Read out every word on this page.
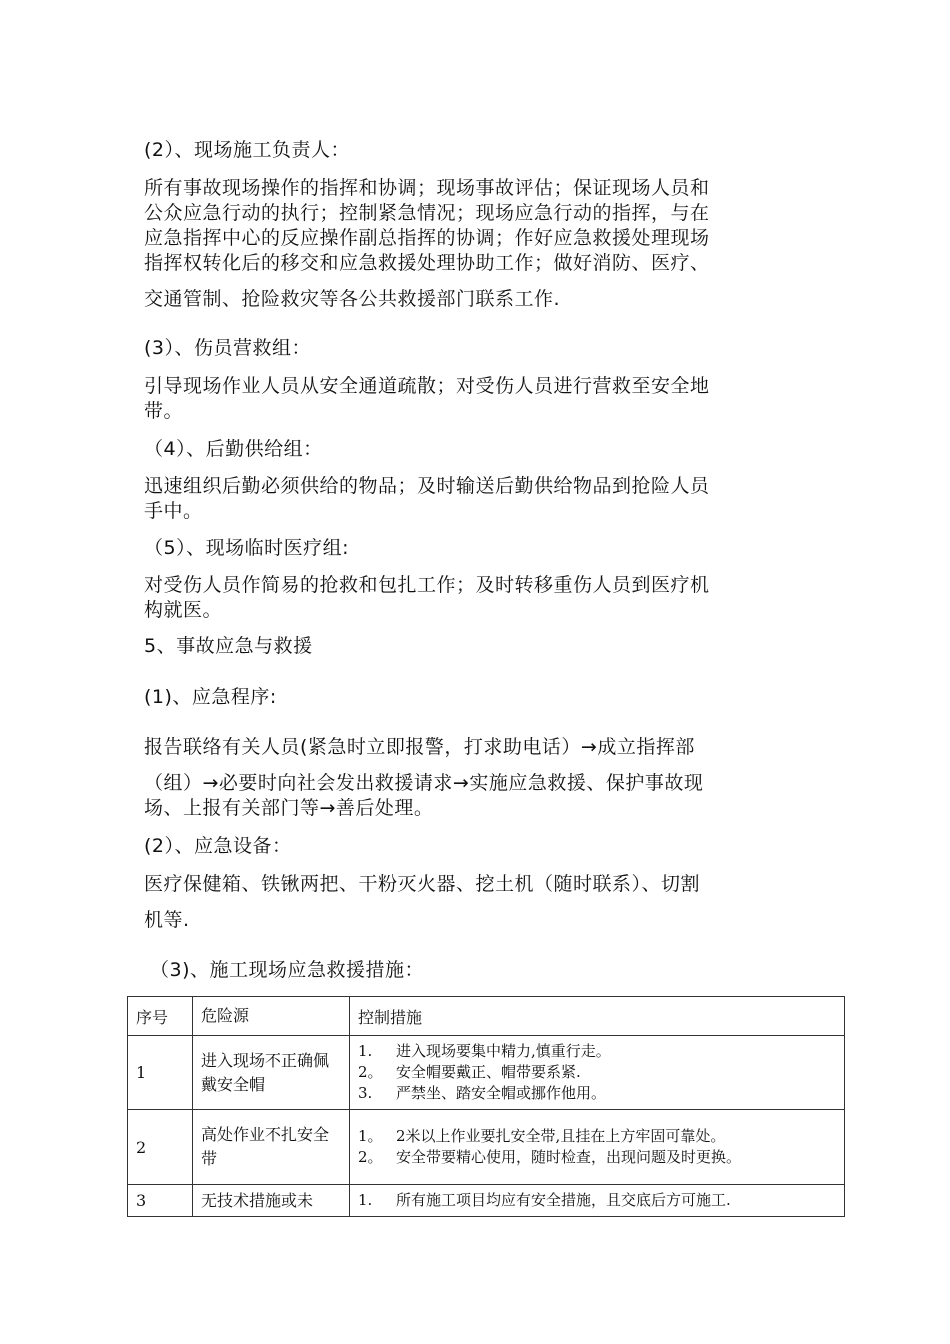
(2）、现场施工负责人：
所有事故现场操作的指挥和协调；现场事故评估；保证现场人员和
公众应急行动的执行；控制紧急情况；现场应急行动的指挥，与在
应急指挥中心的反应操作副总指挥的协调；作好应急救援处理现场
指挥权转化后的移交和应急救援处理协助工作；做好消防、医疗、
交通管制、抢险救灾等各公共救援部门联系工作.
(3）、伤员营救组：
引导现场作业人员从安全通道疏散；对受伤人员进行营救至安全地
带。
（4）、后勤供给组：
迅速组织后勤必须供给的物品；及时输送后勤供给物品到抢险人员
手中。
（5）、现场临时医疗组:
对受伤人员作简易的抢救和包扎工作；及时转移重伤人员到医疗机
构就医。
5、事故应急与救援
(1)、应急程序:
报告联络有关人员(紧急时立即报警，打求助电话）→成立指挥部
（组）→必要时向社会发出救援请求→实施应急救援、保护事故现
场、上报有关部门等→善后处理。
(2）、应急设备：
医疗保健箱、铁锹两把、干粉灭火器、挖土机（随时联系）、切割
机等.
（3)、施工现场应急救援措施：
序号	危险源	控制措施
1	进入现场不正确佩戴安全帽	1. 进入现场要集中精力,慎重行走。
2。 安全帽要戴正、帽带要系紧.
3. 严禁坐、踏安全帽或挪作他用。

2	高处作业不扎安全带	1。 2米以上作业要扎安全带,且挂在上方牢固可靠处。
2。 安全带要精心使用，随时检查，出现问题及时更换。

3	无技术措施或未	1. 所有施工项目均应有安全措施，且交底后方可施工.
